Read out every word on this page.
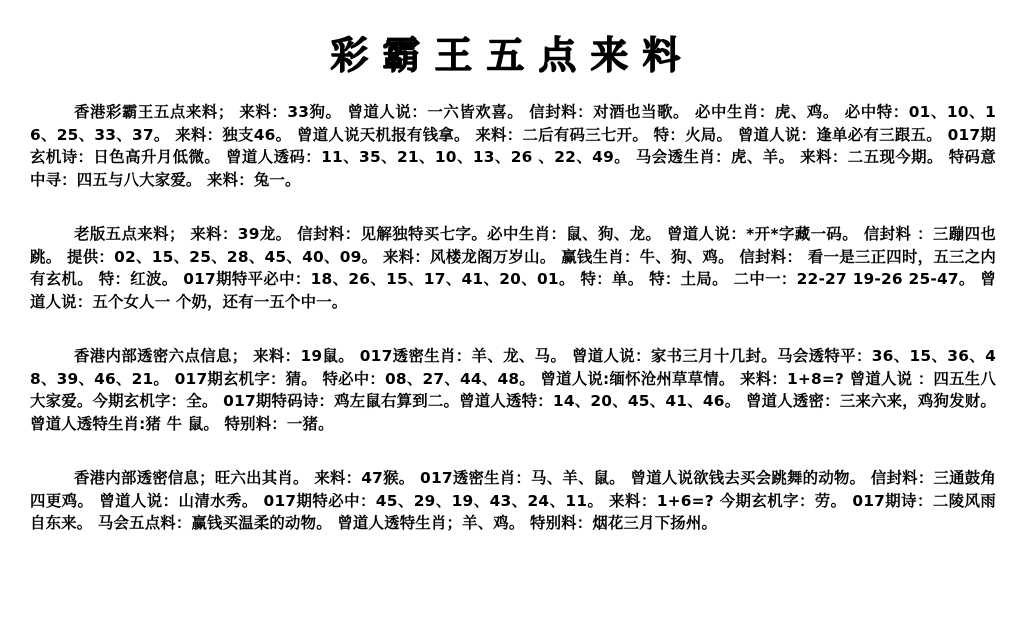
彩霸王五点来料

香港彩霸王五点来料； 来料：33狗。 曾道人说：一六皆欢喜。 信封料：对酒也当歌。 必中生肖：虎、鸡。 必中特：01、10、16、25、33、37。 来料：独支46。 曾道人说天机报有钱拿。 来料：二后有码三七开。 特：火局。 曾道人说：逢单必有三跟五。 017期玄机诗：日色高升月低微。 曾道人透码：11、35、21、10、13、26 、22、49。 马会透生肖：虎、羊。 来料：二五现今期。 特码意中寻：四五与八大家爱。 来料：兔一。

老版五点来料； 来料：39龙。 信封料：见解独特买七字。必中生肖：鼠、狗、龙。 曾道人说：*开*字藏一码。 信封料 ：三蹦四也跳。 提供：02、15、25、28、45、40、09。 来料：风楼龙阁万岁山。 赢钱生肖：牛、狗、鸡。 信封料： 看一是三正四时，五三之内有玄机。 特：红波。 017期特平必中：18、26、15、17、41、20、01。 特：单。 特：土局。 二中一：22-27 19-26 25-47。 曾道人说：五个女人一 个奶，还有一五个中一。

香港内部透密六点信息； 来料：19鼠。 017透密生肖：羊、龙、马。 曾道人说：家书三月十几封。马会透特平：36、15、36、48、39、46、21。 017期玄机字：猜。 特必中：08、27、44、48。 曾道人说:缅怀沧州草草情。 来料：1+8=? 曾道人说 ：四五生八大家爱。今期玄机字：全。 017期特码诗：鸡左鼠右算到二。曾道人透特：14、20、45、41、46。 曾道人透密：三来六来，鸡狗发财。 曾道人透特生肖:猪 牛 鼠。 特别料：一猪。

香港内部透密信息；旺六出其肖。 来料：47猴。 017透密生肖：马、羊、鼠。 曾道人说欲钱去买会跳舞的动物。 信封料：三通鼓角四更鸡。 曾道人说：山清水秀。 017期特必中：45、29、19、43、24、11。 来料：1+6=? 今期玄机字：劳。 017期诗：二陵风雨自东来。 马会五点料：赢钱买温柔的动物。 曾道人透特生肖；羊、鸡。 特别料：烟花三月下扬州。
